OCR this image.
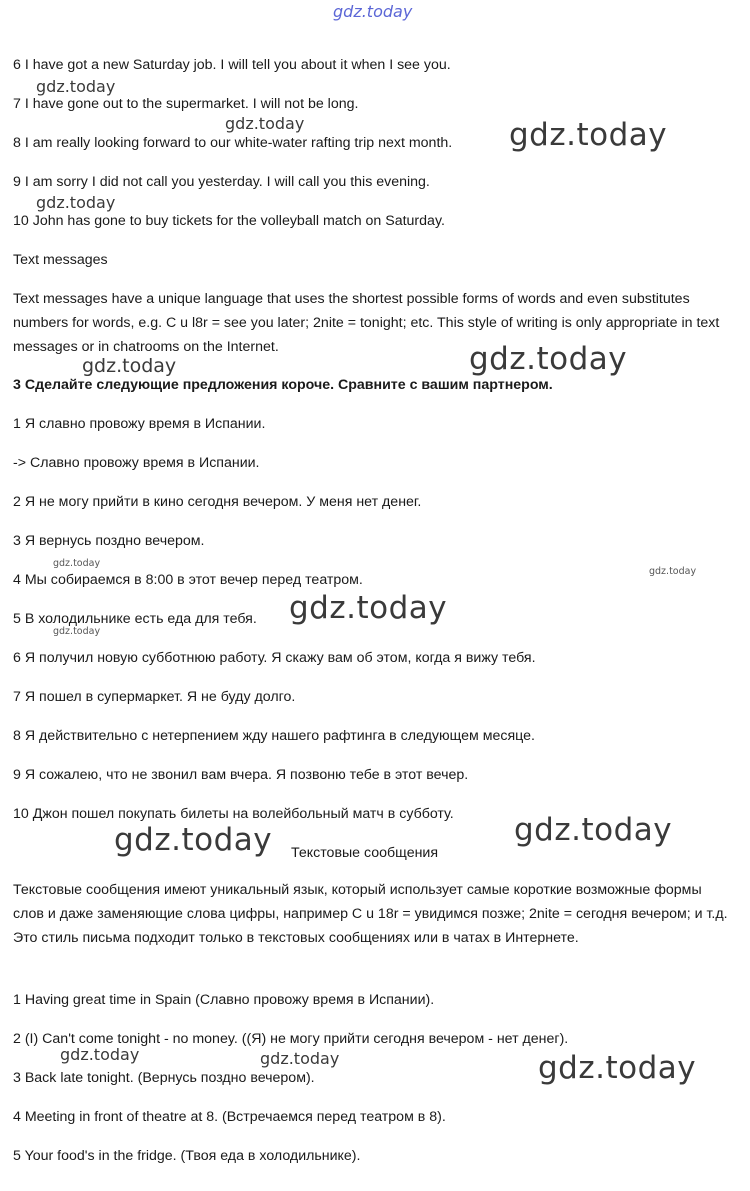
gdz.today
6 I have got a new Saturday job. I will tell you about it when I see you.
7 I have gone out to the supermarket. I will not be long.
8 I am really looking forward to our white-water rafting trip next month.
9 I am sorry I did not call you yesterday. I will call you this evening.
10 John has gone to buy tickets for the volleyball match on Saturday.
Text messages
Text messages have a unique language that uses the shortest possible forms of words and even substitutes numbers for words, e.g. C u l8r = see you later; 2nite = tonight; etc. This style of writing is only appropriate in text messages or in chatrooms on the Internet.
3 Сделайте следующие предложения короче. Сравните с вашим партнером.
1 Я славно провожу время в Испании.
-> Славно провожу время в Испании.
2 Я не могу прийти в кино сегодня вечером. У меня нет денег.
3 Я вернусь поздно вечером.
4 Мы собираемся в 8:00 в этот вечер перед театром.
5 В холодильнике есть еда для тебя.
6 Я получил новую субботнюю работу. Я скажу вам об этом, когда я вижу тебя.
7 Я пошел в супермаркет. Я не буду долго.
8 Я действительно с нетерпением жду нашего рафтинга в следующем месяце.
9 Я сожалею, что не звонил вам вчера. Я позвоню тебе в этот вечер.
10 Джон пошел покупать билеты на волейбольный матч в субботу.
Текстовые сообщения
Текстовые сообщения имеют уникальный язык, который использует самые короткие возможные формы слов и даже заменяющие слова цифры, например C u 18r = увидимся позже; 2nite = сегодня вечером; и т.д. Это стиль письма подходит только в текстовых сообщениях или в чатах в Интернете.
1 Having great time in Spain (Славно провожу время в Испании).
2 (I) Can't come tonight - no money. ((Я) не могу прийти сегодня вечером - нет денег).
3 Back late tonight. (Вернусь поздно вечером).
4 Meeting in front of theatre at 8. (Встречаемся перед театром в 8).
5 Your food's in the fridge. (Твоя еда в холодильнике).
gdz.today
gdz.today	gdz.today
gdz.today
gdz.today
gdz.today
gdz.today
gdz.today
gdz.today
gdz.today
gdz.today
gdz.today
gdz.today	gdz.today	gdz.today
